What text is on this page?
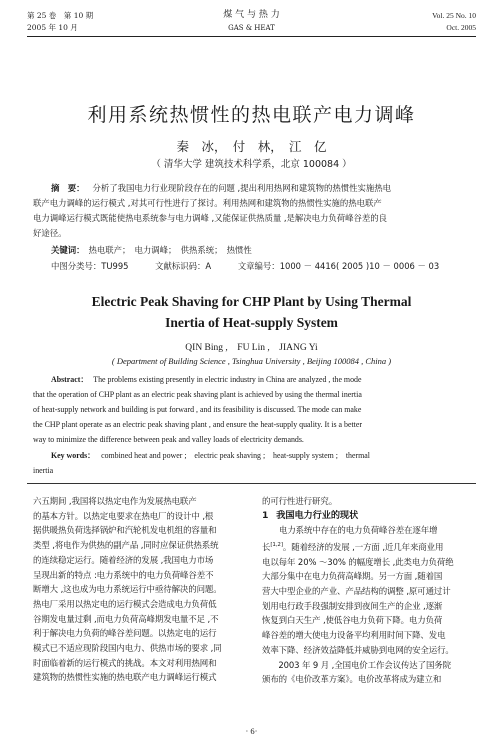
第 25 卷　第 10 期
2005 年 10 月
煤 气 与 热 力
GAS & HEAT
Vol. 25 No. 10
Oct. 2005
利用系统热惯性的热电联产电力调峰
秦　冰，　付　林，　江　亿
（ 清华大学 建筑技术科学系，北京 100084 ）
摘　要： 分析了我国电力行业现阶段存在的问题 ,提出利用热网和建筑物的热惯性实施热电
联产电力调峰的运行模式 ,对其可行性进行了探讨。利用热网和建筑物的热惯性实施的热电联产
电力调峰运行模式既能使热电系统参与电力调峰 ,又能保证供热质量 ,是解决电力负荷峰谷差的良
好途径。
关键词： 热电联产；　电力调峰；　供热系统；　热惯性
中图分类号：TU995	文献标识码：A	文章编号：1000 － 4416( 2005 )10 － 0006 － 03
Electric Peak Shaving for CHP Plant by Using Thermal
Inertia of Heat-supply System
QIN Bing ,　FU Lin ,　JIANG Yi
( Department of Building Science , Tsinghua University , Beijing 100084 , China )
Abstract： The problems existing presently in electric industry in China are analyzed , the mode
that the operation of CHP plant as an electric peak shaving plant is achieved by using the thermal inertia
of heat-supply network and building is put forward , and its feasibility is discussed. The mode can make
the CHP plant operate as an electric peak shaving plant , and ensure the heat-supply quality. It is a better
way to minimize the difference between peak and valley loads of electricity demands.
Key words： combined heat and power ;　electric peak shaving ;　heat-supply system ;　thermal
inertia
六五期间 ,我国将以热定电作为发展热电联产
的基本方针。以热定电要求在热电厂的设计中 ,根
据供暖热负荷选择锅炉和汽轮机发电机组的容量和
类型 ,将电作为供热的副产品 ,同时应保证供热系统
的连续稳定运行。随着经济的发展 ,我国电力市场
呈现出新的特点 :电力系统中的电力负荷峰谷差不
断增大 ,这也成为电力系统运行中亟待解决的问题。
热电厂采用以热定电的运行模式会造成电力负荷低
谷期发电量过剩 ,而电力负荷高峰期发电量不足 ,不
利于解决电力负荷的峰谷差问题。以热定电的运行
模式已不适应现阶段国内电力、供热市场的要求 ,同
时面临着新的运行模式的挑战。本文对利用热网和
建筑物的热惯性实施的热电联产电力调峰运行模式
的可行性进行研究。
1 我国电力行业的现状
电力系统中存在的电力负荷峰谷差在逐年增
长[1,2]。随着经济的发展 ,一方面 ,近几年来商业用
电以每年 20% ～30% 的幅度增长 ,此类电力负荷绝
大部分集中在电力负荷高峰期。另一方面 ,随着国
营大中型企业的产业、产品结构的调整 ,原可通过计
划用电行政手段强制安排到夜间生产的企业 ,逐渐
恢复到白天生产 ,使低谷电力负荷下降。电力负荷
峰谷差的增大使电力设备平均利用时间下降、发电
效率下降、经济效益降低并威胁到电网的安全运行。
　2003 年 9 月 ,全国电价工作会议传达了国务院
颁布的《电价改革方案》。电价改革将成为建立和
· 6·
